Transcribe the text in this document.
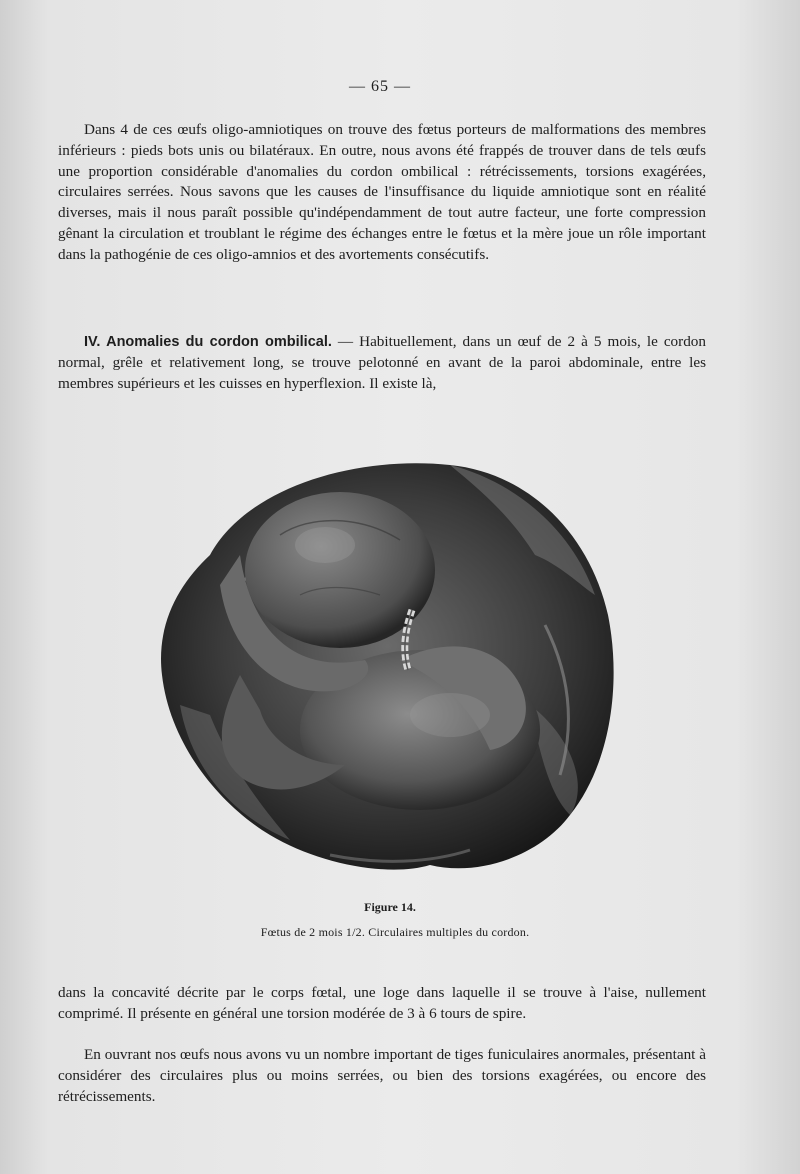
— 65 —

Dans 4 de ces œufs oligo-amniotiques on trouve des fœtus porteurs de malformations des membres inférieurs : pieds bots unis ou bilatéraux. En outre, nous avons été frappés de trouver dans de tels œufs une proportion considérable d'anomalies du cordon ombilical : rétrécissements, torsions exagérées, circulaires serrées. Nous savons que les causes de l'insuffisance du liquide amniotique sont en réalité diverses, mais il nous paraît possible qu'indépendamment de tout autre facteur, une forte compression gênant la circulation et troublant le régime des échanges entre le fœtus et la mère joue un rôle important dans la pathogénie de ces oligo-amnios et des avortements consécutifs.

IV. Anomalies du cordon ombilical. — Habituellement, dans un œuf de 2 à 5 mois, le cordon normal, grêle et relativement long, se trouve pelotonné en avant de la paroi abdominale, entre les membres supérieurs et les cuisses en hyperflexion. Il existe là,

Figure 14.
Fœtus de 2 mois 1/2. Circulaires multiples du cordon.

dans la concavité décrite par le corps fœtal, une loge dans laquelle il se trouve à l'aise, nullement comprimé. Il présente en général une torsion modérée de 3 à 6 tours de spire.

En ouvrant nos œufs nous avons vu un nombre important de tiges funiculaires anormales, présentant à considérer des circulaires plus ou moins serrées, ou bien des torsions exagérées, ou encore des rétrécissements.
